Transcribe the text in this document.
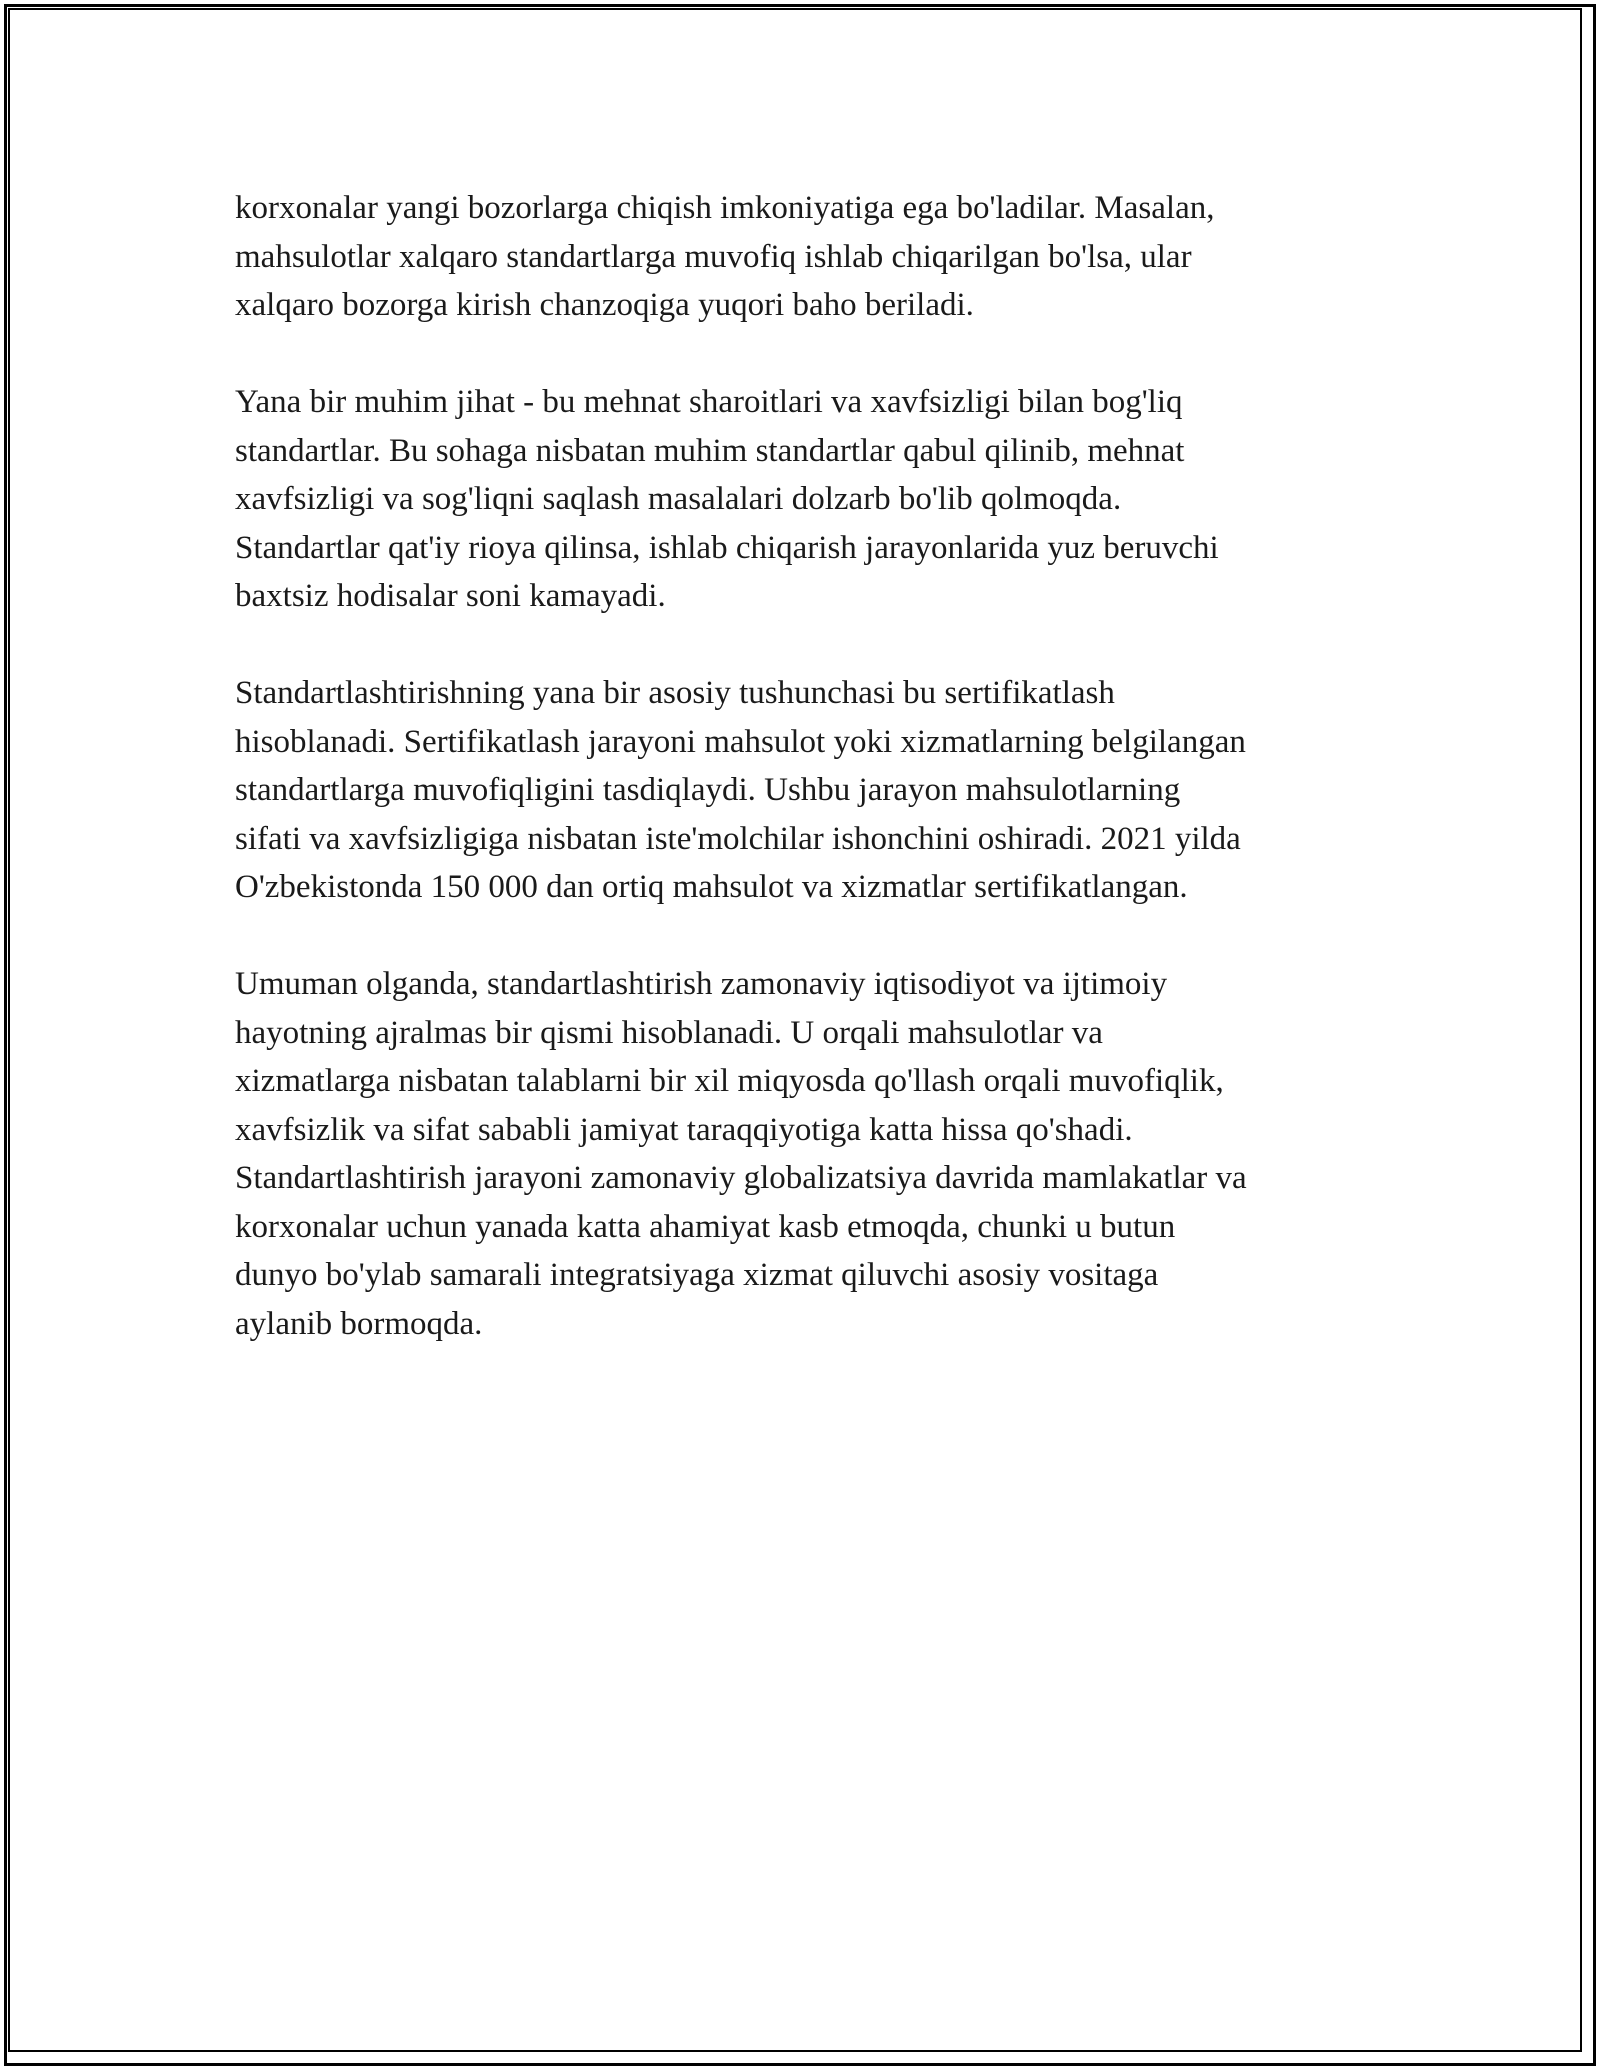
korxonalar yangi bozorlarga chiqish imkoniyatiga ega bo'ladilar. Masalan,
mahsulotlar xalqaro standartlarga muvofiq ishlab chiqarilgan bo'lsa, ular
xalqaro bozorga kirish chanzoqiga yuqori baho beriladi.

Yana bir muhim jihat - bu mehnat sharoitlari va xavfsizligi bilan bog'liq
standartlar. Bu sohaga nisbatan muhim standartlar qabul qilinib, mehnat
xavfsizligi va sog'liqni saqlash masalalari dolzarb bo'lib qolmoqda.
Standartlar qat'iy rioya qilinsa, ishlab chiqarish jarayonlarida yuz beruvchi
baxtsiz hodisalar soni kamayadi.

Standartlashtirishning yana bir asosiy tushunchasi bu sertifikatlash
hisoblanadi. Sertifikatlash jarayoni mahsulot yoki xizmatlarning belgilangan
standartlarga muvofiqligini tasdiqlaydi. Ushbu jarayon mahsulotlarning
sifati va xavfsizligiga nisbatan iste'molchilar ishonchini oshiradi. 2021 yilda
O'zbekistonda 150 000 dan ortiq mahsulot va xizmatlar sertifikatlangan.

Umuman olganda, standartlashtirish zamonaviy iqtisodiyot va ijtimoiy
hayotning ajralmas bir qismi hisoblanadi. U orqali mahsulotlar va
xizmatlarga nisbatan talablarni bir xil miqyosda qo'llash orqali muvofiqlik,
xavfsizlik va sifat sababli jamiyat taraqqiyotiga katta hissa qo'shadi.
Standartlashtirish jarayoni zamonaviy globalizatsiya davrida mamlakatlar va
korxonalar uchun yanada katta ahamiyat kasb etmoqda, chunki u butun
dunyo bo'ylab samarali integratsiyaga xizmat qiluvchi asosiy vositaga
aylanib bormoqda.
